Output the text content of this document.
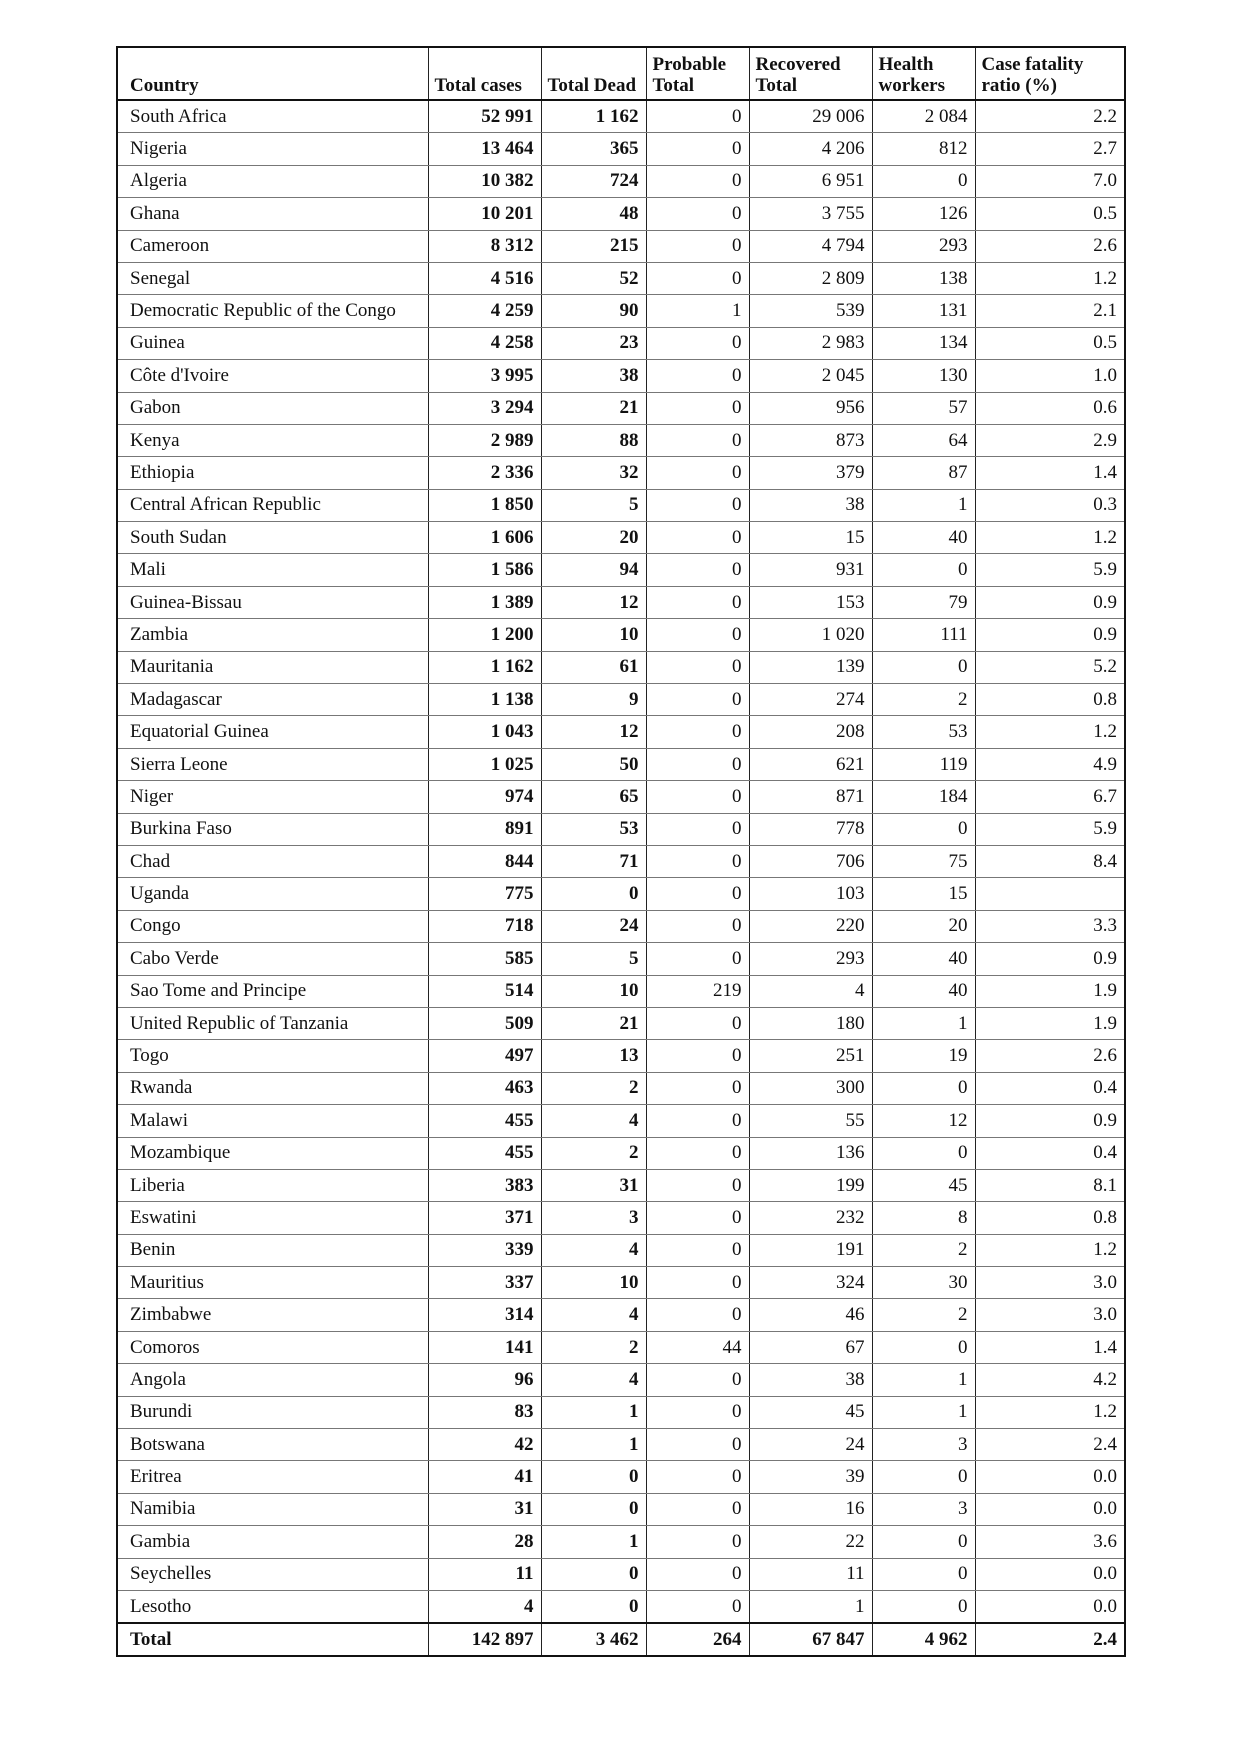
Country	Total cases	Total Dead	Probable Total	Recovered Total	Health workers	Case fatality ratio (%)
South Africa	52 991	1 162	0	29 006	2 084	2.2
Nigeria	13 464	365	0	4 206	812	2.7
Algeria	10 382	724	0	6 951	0	7.0
Ghana	10 201	48	0	3 755	126	0.5
Cameroon	8 312	215	0	4 794	293	2.6
Senegal	4 516	52	0	2 809	138	1.2
Democratic Republic of the Congo	4 259	90	1	539	131	2.1
Guinea	4 258	23	0	2 983	134	0.5
Côte d'Ivoire	3 995	38	0	2 045	130	1.0
Gabon	3 294	21	0	956	57	0.6
Kenya	2 989	88	0	873	64	2.9
Ethiopia	2 336	32	0	379	87	1.4
Central African Republic	1 850	5	0	38	1	0.3
South Sudan	1 606	20	0	15	40	1.2
Mali	1 586	94	0	931	0	5.9
Guinea-Bissau	1 389	12	0	153	79	0.9
Zambia	1 200	10	0	1 020	111	0.9
Mauritania	1 162	61	0	139	0	5.2
Madagascar	1 138	9	0	274	2	0.8
Equatorial Guinea	1 043	12	0	208	53	1.2
Sierra Leone	1 025	50	0	621	119	4.9
Niger	974	65	0	871	184	6.7
Burkina Faso	891	53	0	778	0	5.9
Chad	844	71	0	706	75	8.4
Uganda	775	0	0	103	15	
Congo	718	24	0	220	20	3.3
Cabo Verde	585	5	0	293	40	0.9
Sao Tome and Principe	514	10	219	4	40	1.9
United Republic of Tanzania	509	21	0	180	1	1.9
Togo	497	13	0	251	19	2.6
Rwanda	463	2	0	300	0	0.4
Malawi	455	4	0	55	12	0.9
Mozambique	455	2	0	136	0	0.4
Liberia	383	31	0	199	45	8.1
Eswatini	371	3	0	232	8	0.8
Benin	339	4	0	191	2	1.2
Mauritius	337	10	0	324	30	3.0
Zimbabwe	314	4	0	46	2	3.0
Comoros	141	2	44	67	0	1.4
Angola	96	4	0	38	1	4.2
Burundi	83	1	0	45	1	1.2
Botswana	42	1	0	24	3	2.4
Eritrea	41	0	0	39	0	0.0
Namibia	31	0	0	16	3	0.0
Gambia	28	1	0	22	0	3.6
Seychelles	11	0	0	11	0	0.0
Lesotho	4	0	0	1	0	0.0
Total	142 897	3 462	264	67 847	4 962	2.4
